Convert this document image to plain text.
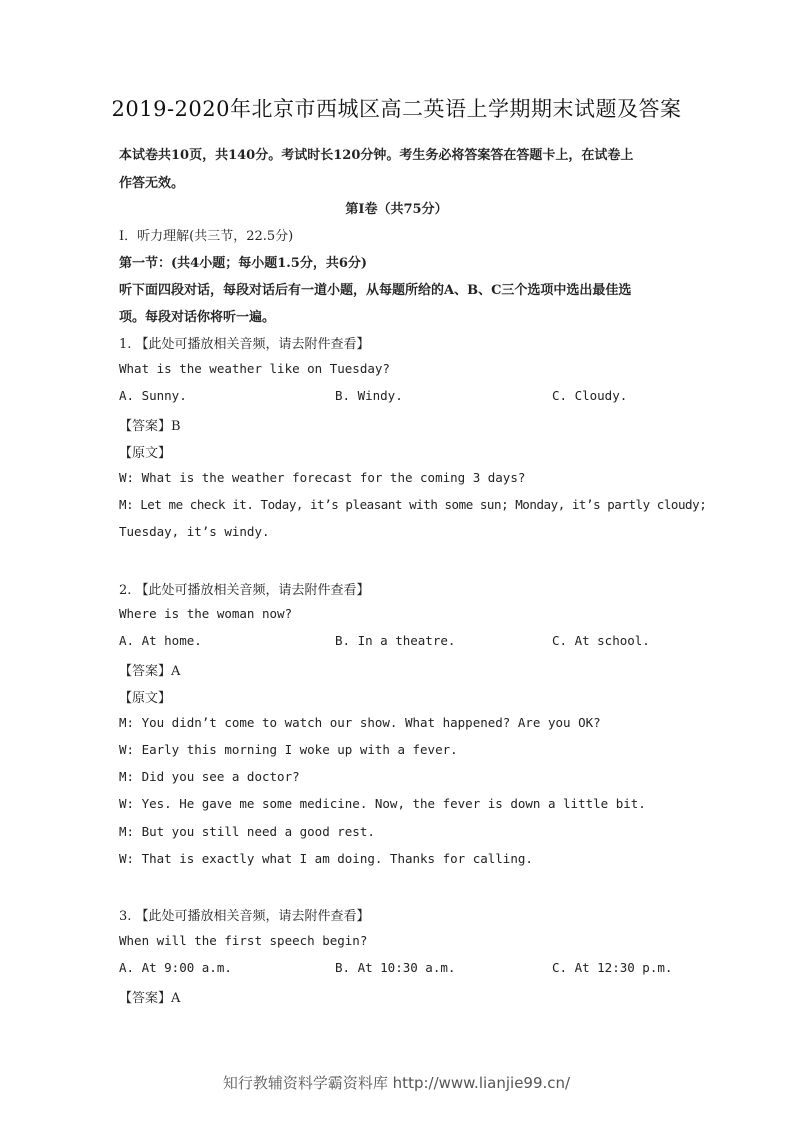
2019-2020年北京市西城区高二英语上学期期末试题及答案
本试卷共10页，共140分。考试时长120分钟。考生务必将答案答在答题卡上，在试卷上
作答无效。
第Ⅰ卷（共75分）
I．听力理解(共三节，22.5分)
第一节：(共4小题；每小题1.5分，共6分)
听下面四段对话，每段对话后有一道小题，从每题所给的A、B、C三个选项中选出最佳选
项。每段对话你将听一遍。
1. 【此处可播放相关音频，请去附件查看】
What is the weather like on Tuesday?
A. Sunny.	B. Windy.	C. Cloudy.
【答案】B
【原文】
W: What is the weather forecast for the coming 3 days?
M: Let me check it. Today, it’s pleasant with some sun; Monday, it’s partly cloudy;
Tuesday, it’s windy.
2. 【此处可播放相关音频，请去附件查看】
Where is the woman now?
A. At home.	B. In a theatre.	C. At school.
【答案】A
【原文】
M: You didn’t come to watch our show. What happened? Are you OK?
W: Early this morning I woke up with a fever.
M: Did you see a doctor?
W: Yes. He gave me some medicine. Now, the fever is down a little bit.
M: But you still need a good rest.
W: That is exactly what I am doing. Thanks for calling.
3. 【此处可播放相关音频，请去附件查看】
When will the first speech begin?
A. At 9:00 a.m.	B. At 10:30 a.m.	C. At 12:30 p.m.
【答案】A
知行教辅资料学霸资料库 http://www.lianjie99.cn/
